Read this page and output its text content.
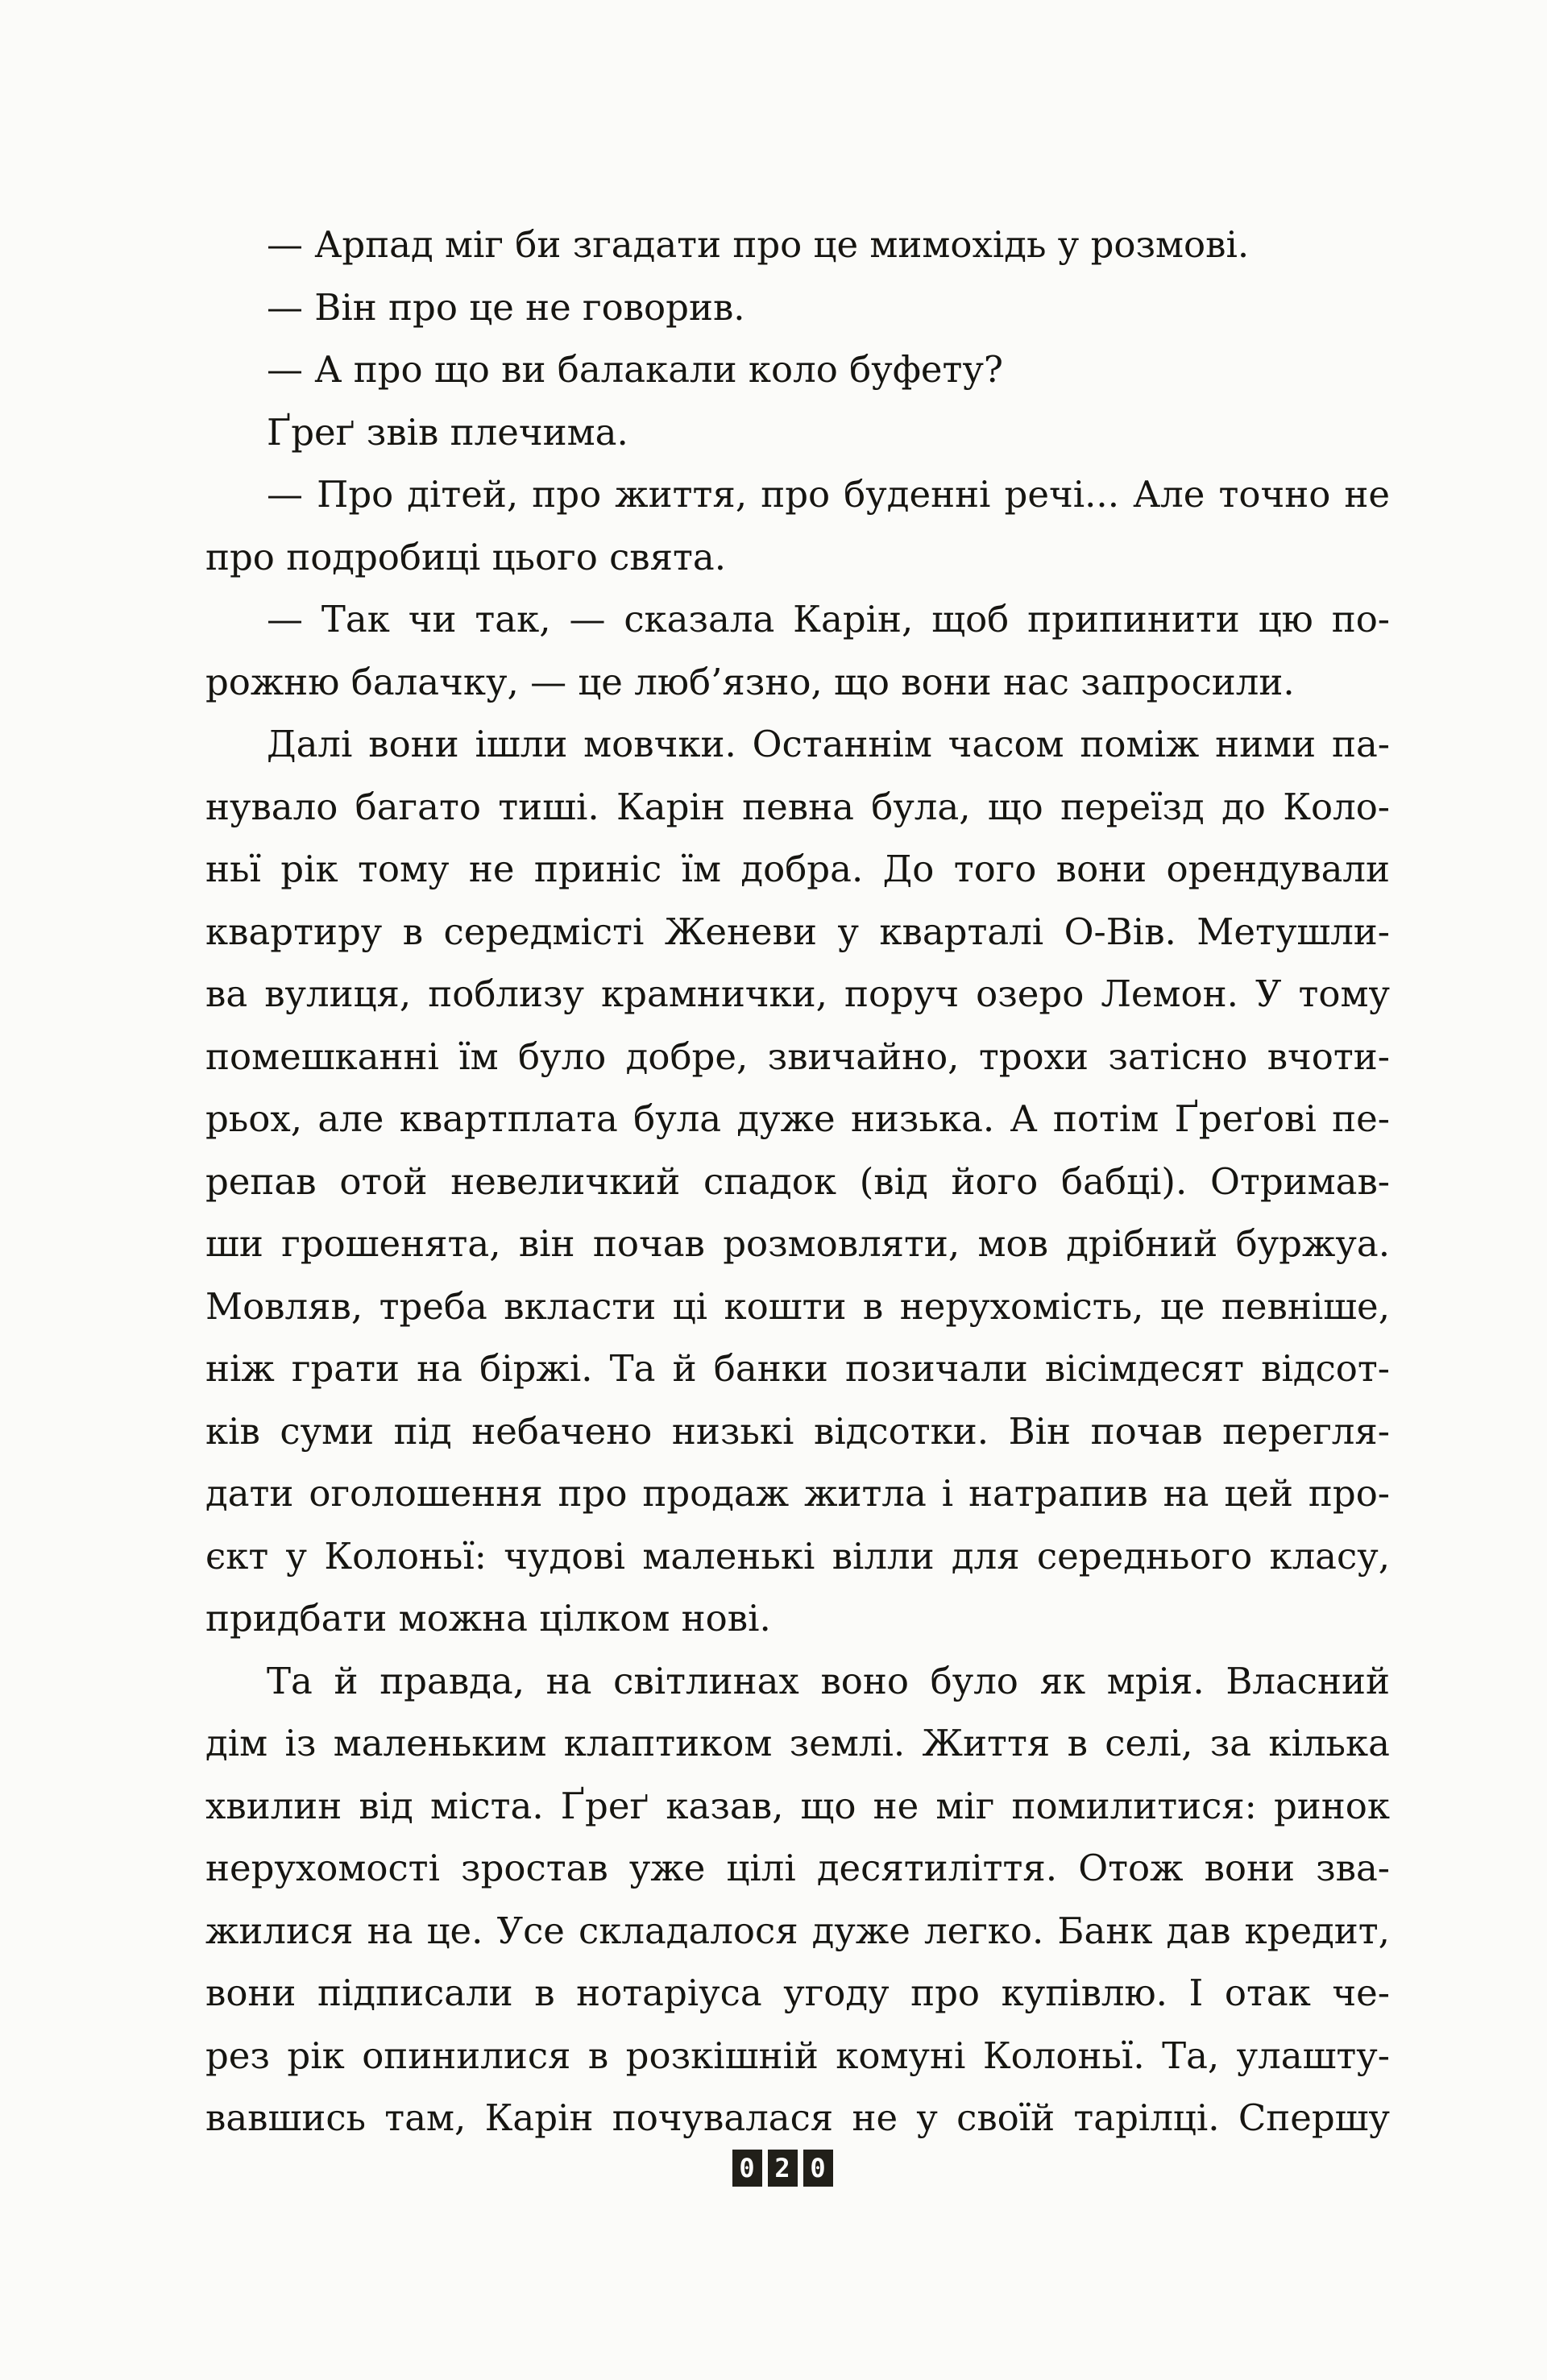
— Арпад міг би згадати про це мимохідь у розмові.
— Він про це не говорив.
— А про що ви балакали коло буфету?
Ґреґ звів плечима.
— Про дітей, про життя, про буденні речі... Але точно не
про подробиці цього свята.
— Так чи так, — сказала Карін, щоб припинити цю по-
рожню балачку, — це люб’язно, що вони нас запросили.
Далі вони ішли мовчки. Останнім часом поміж ними па-
нувало багато тиші. Карін певна була, що переїзд до Коло-
ньї рік тому не приніс їм добра. До того вони орендували
квартиру в середмісті Женеви у кварталі О-Вів. Метушли-
ва вулиця, поблизу крамнички, поруч озеро Лемон. У тому
помешканні їм було добре, звичайно, трохи затісно вчоти-
рьох, але квартплата була дуже низька. А потім Ґреґові пе-
репав отой невеличкий спадок (від його бабці). Отримав-
ши грошенята, він почав розмовляти, мов дрібний буржуа.
Мовляв, треба вкласти ці кошти в нерухомість, це певніше,
ніж грати на біржі. Та й банки позичали вісімдесят відсот-
ків суми під небачено низькі відсотки. Він почав перегля-
дати оголошення про продаж житла і натрапив на цей про-
єкт у Колоньї: чудові маленькі вілли для середнього класу,
придбати можна цілком нові.
Та й правда, на світлинах воно було як мрія. Власний
дім із маленьким клаптиком землі. Життя в селі, за кілька
хвилин від міста. Ґреґ казав, що не міг помилитися: ринок
нерухомості зростав уже цілі десятиліття. Отож вони зва-
жилися на це. Усе складалося дуже легко. Банк дав кредит,
вони підписали в нотаріуса угоду про купівлю. І отак че-
рез рік опинилися в розкішній комуні Колоньї. Та, улашту-
вавшись там, Карін почувалася не у своїй тарілці. Спершу
0 2 0
